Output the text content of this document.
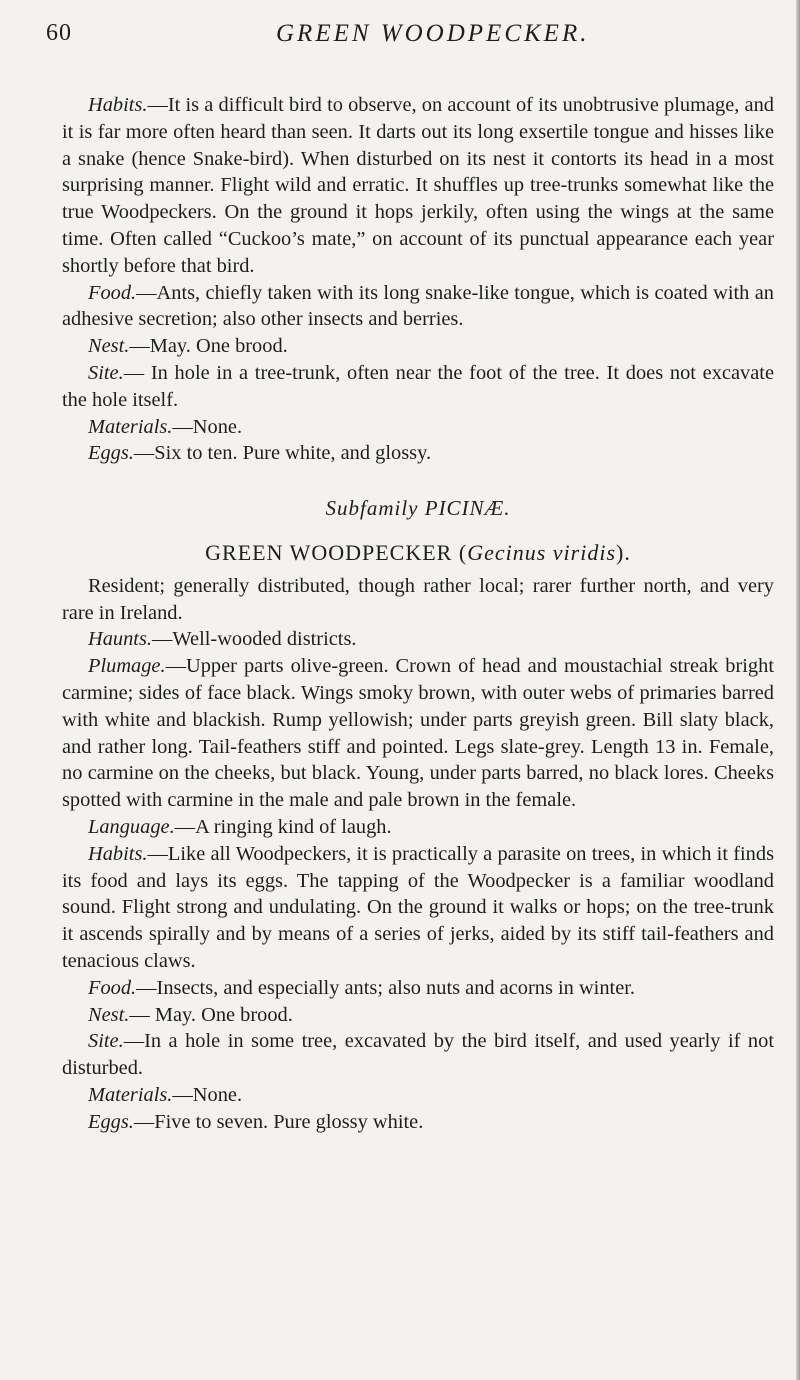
60	GREEN WOODPECKER.

Habits.—It is a difficult bird to observe, on account of its unobtrusive plumage, and it is far more often heard than seen. It darts out its long exsertile tongue and hisses like a snake (hence Snake-bird). When disturbed on its nest it contorts its head in a most surprising manner. Flight wild and erratic. It shuffles up tree-trunks somewhat like the true Woodpeckers. On the ground it hops jerkily, often using the wings at the same time. Often called “Cuckoo’s mate,” on account of its punctual appearance each year shortly before that bird.

Food.—Ants, chiefly taken with its long snake-like tongue, which is coated with an adhesive secretion; also other insects and berries.

Nest.—May. One brood.

Site.— In hole in a tree-trunk, often near the foot of the tree. It does not excavate the hole itself.

Materials.—None.

Eggs.—Six to ten. Pure white, and glossy.

Subfamily PICINÆ.

GREEN WOODPECKER (Gecinus viridis).

Resident; generally distributed, though rather local; rarer further north, and very rare in Ireland.

Haunts.—Well-wooded districts.

Plumage.—Upper parts olive-green. Crown of head and moustachial streak bright carmine; sides of face black. Wings smoky brown, with outer webs of primaries barred with white and blackish. Rump yellowish; under parts greyish green. Bill slaty black, and rather long. Tail-feathers stiff and pointed. Legs slate-grey. Length 13 in. Female, no carmine on the cheeks, but black. Young, under parts barred, no black lores. Cheeks spotted with carmine in the male and pale brown in the female.

Language.—A ringing kind of laugh.

Habits.—Like all Woodpeckers, it is practically a parasite on trees, in which it finds its food and lays its eggs. The tapping of the Woodpecker is a familiar woodland sound. Flight strong and undulating. On the ground it walks or hops; on the tree-trunk it ascends spirally and by means of a series of jerks, aided by its stiff tail-feathers and tenacious claws.

Food.—Insects, and especially ants; also nuts and acorns in winter.

Nest.— May. One brood.

Site.—In a hole in some tree, excavated by the bird itself, and used yearly if not disturbed.

Materials.—None.

Eggs.—Five to seven. Pure glossy white.
